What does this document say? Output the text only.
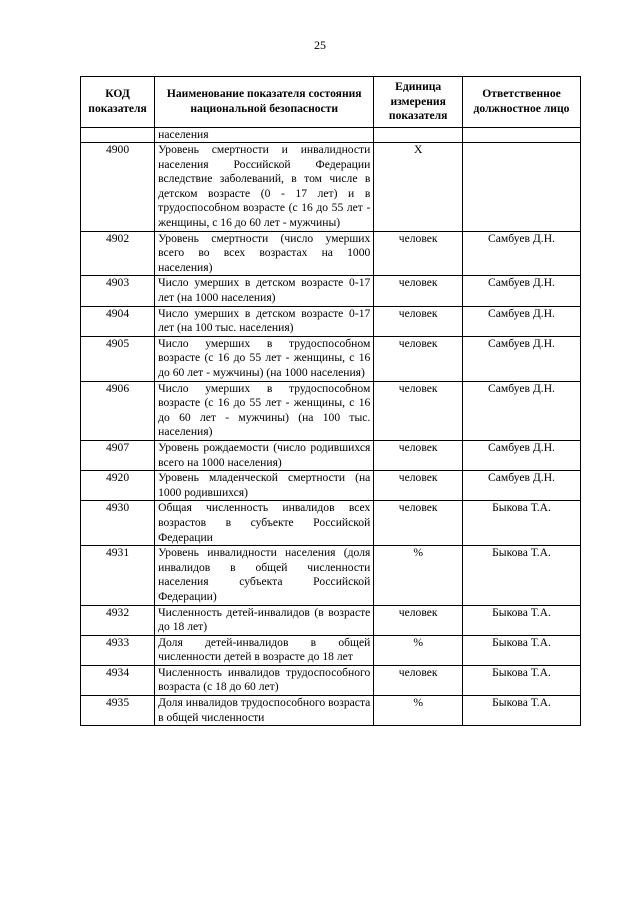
25
КОД показателя	Наименование показателя состояния национальной безопасности	Единица измерения показателя	Ответственное должностное лицо
	населения		
4900	Уровень смертности и инвалидности населения Российской Федерации вследствие заболеваний, в том числе в детском возрасте (0 - 17 лет) и в трудоспособном возрасте (с 16 до 55 лет - женщины, с 16 до 60 лет - мужчины)	Х	
4902	Уровень смертности (число умерших всего во всех возрастах на 1000 населения)	человек	Самбуев Д.Н.
4903	Число умерших в детском возрасте 0-17 лет (на 1000 населения)	человек	Самбуев Д.Н.
4904	Число умерших в детском возрасте 0-17 лет (на 100 тыс. населения)	человек	Самбуев Д.Н.
4905	Число умерших в трудоспособном возрасте (с 16 до 55 лет - женщины, с 16 до 60 лет - мужчины) (на 1000 населения)	человек	Самбуев Д.Н.
4906	Число умерших в трудоспособном возрасте (с 16 до 55 лет - женщины, с 16 до 60 лет - мужчины) (на 100 тыс. населения)	человек	Самбуев Д.Н.
4907	Уровень рождаемости (число родившихся всего на 1000 населения)	человек	Самбуев Д.Н.
4920	Уровень младенческой смертности (на 1000 родившихся)	человек	Самбуев Д.Н.
4930	Общая численность инвалидов всех возрастов в субъекте Российской Федерации	человек	Быкова Т.А.
4931	Уровень инвалидности населения (доля инвалидов в общей численности населения субъекта Российской Федерации)	%	Быкова Т.А.
4932	Численность детей-инвалидов (в возрасте до 18 лет)	человек	Быкова Т.А.
4933	Доля детей-инвалидов в общей численности детей в возрасте до 18 лет	%	Быкова Т.А.
4934	Численность инвалидов трудоспособного возраста (с 18 до 60 лет)	человек	Быкова Т.А.
4935	Доля инвалидов трудоспособного возраста в общей численности	%	Быкова Т.А.
